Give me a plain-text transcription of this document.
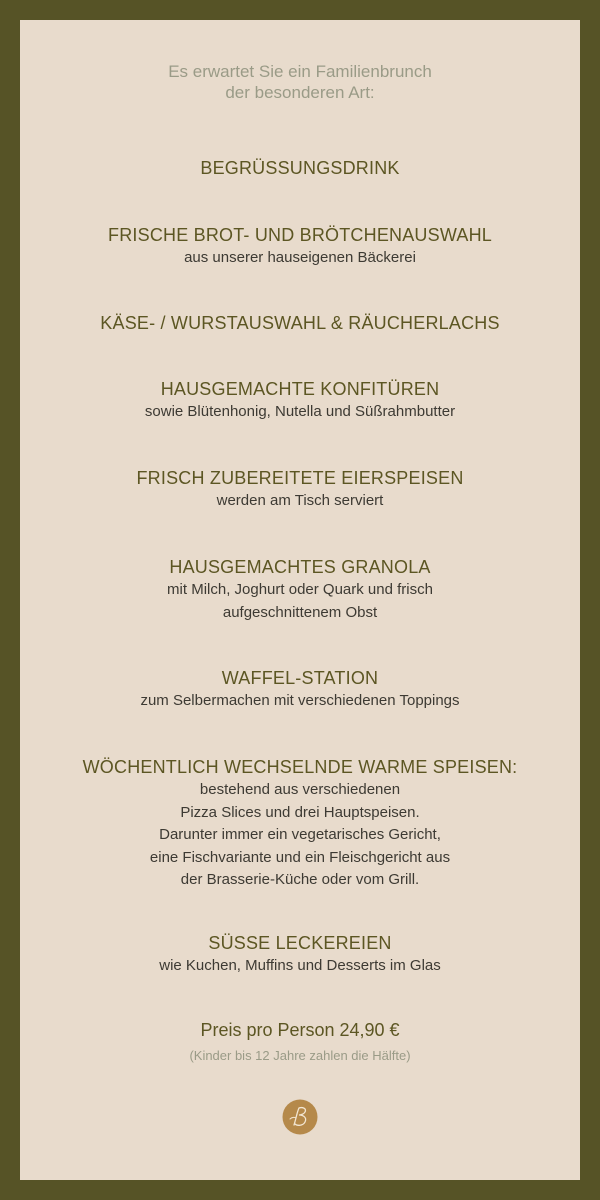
Es erwartet Sie ein Familienbrunch
der besonderen Art:
BEGRÜSSUNGSDRINK
FRISCHE BROT- UND BRÖTCHENAUSWAHL
aus unserer hauseigenen Bäckerei
KÄSE- / WURSTAUSWAHL & RÄUCHERLACHS
HAUSGEMACHTE KONFITÜREN
sowie Blütenhonig, Nutella und Süßrahmbutter
FRISCH ZUBEREITETE EIERSPEISEN
werden am Tisch serviert
HAUSGEMACHTES GRANOLA
mit Milch, Joghurt oder Quark und frisch
aufgeschnittenem Obst
WAFFEL-STATION
zum Selbermachen mit verschiedenen Toppings
WÖCHENTLICH WECHSELNDE WARME SPEISEN:
bestehend aus verschiedenen
Pizza Slices und drei Hauptspeisen.
Darunter immer ein vegetarisches Gericht,
eine Fischvariante und ein Fleischgericht aus
der Brasserie-Küche oder vom Grill.
SÜSSE LECKEREIEN
wie Kuchen, Muffins und Desserts im Glas
Preis pro Person 24,90 €
(Kinder bis 12 Jahre zahlen die Hälfte)
